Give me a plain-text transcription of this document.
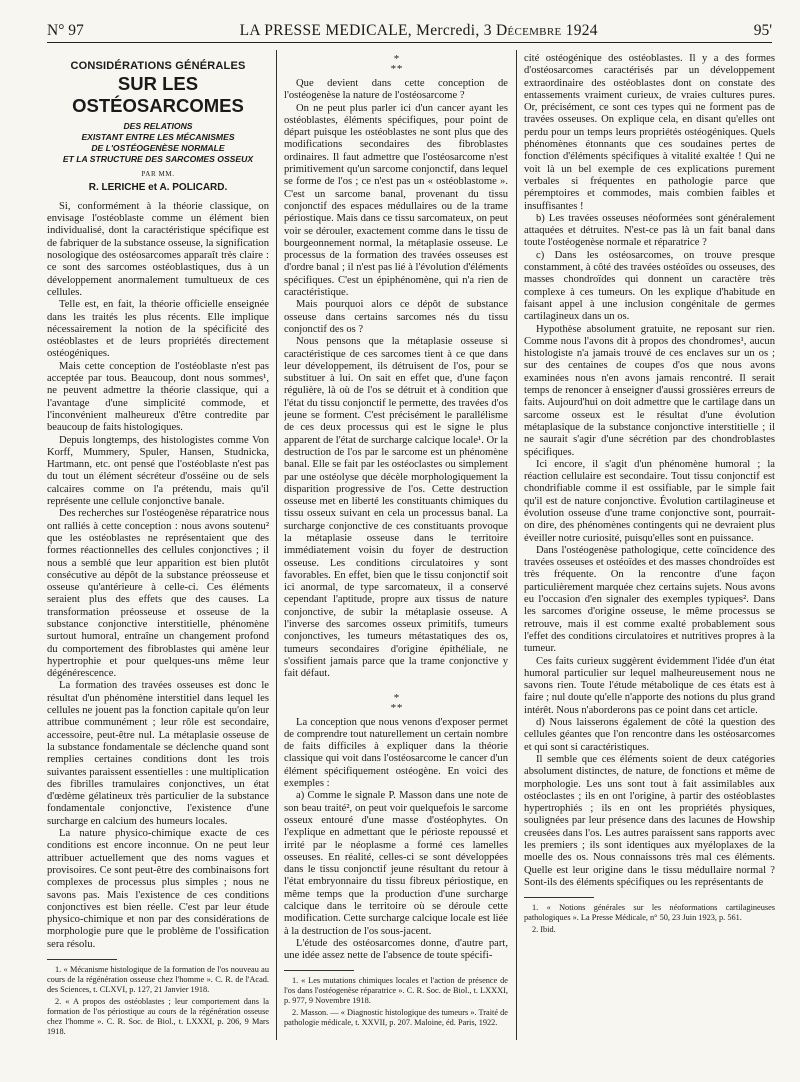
N° 97	LA PRESSE MEDICALE, Mercredi, 3 Décembre 1924	95'
CONSIDÉRATIONS GÉNÉRALES
SUR LES OSTÉOSARCOMES
DES RELATIONS
EXISTANT ENTRE LES MÉCANISMES
DE L'OSTÉOGENÈSE NORMALE
ET LA STRUCTURE DES SARCOMES OSSEUX
PAR MM.
R. LERICHE et A. POLICARD.

Si, conformément à la théorie classique, on envisage l'ostéoblaste comme un élément bien individualisé, dont la caractéristique spécifique est de fabriquer de la substance osseuse, la signification nosologique des ostéosarcomes apparaît très claire : ce sont des sarcomes ostéoblastiques, dus à un développement anormalement tumultueux de ces cellules.

Telle est, en fait, la théorie officielle enseignée dans les traités les plus récents. Elle implique nécessairement la notion de la spécificité des ostéoblastes et de leurs propriétés directement ostéogéniques.

Mais cette conception de l'ostéoblaste n'est pas acceptée par tous. Beaucoup, dont nous sommes¹, ne peuvent admettre la théorie classique, qui a l'avantage d'une simplicité commode, et l'inconvénient malheureux d'être contredite par beaucoup de faits histologiques.

Depuis longtemps, des histologistes comme Von Korff, Mummery, Spuler, Hansen, Studnicka, Hartmann, etc. ont pensé que l'ostéoblaste n'est pas du tout un élément sécréteur d'osséine ou de sels calcaires comme on l'a prétendu, mais qu'il représente une cellule conjonctive banale.

Des recherches sur l'ostéogenèse réparatrice nous ont ralliés à cette conception : nous avons soutenu² que les ostéoblastes ne représentaient que des formes réactionnelles des cellules conjonctives ; il nous a semblé que leur apparition est bien plutôt consécutive au dépôt de la substance préosseuse et osseuse qu'antérieure à celle-ci. Ces éléments seraient plus des effets que des causes. La transformation préosseuse et osseuse de la substance conjonctive interstitielle, phénomène surtout humoral, entraîne un changement profond du comportement des fibroblastes qui amène leur hypertrophie et pour quelques-uns même leur dégénérescence.

La formation des travées osseuses est donc le résultat d'un phénomène interstitiel dans lequel les cellules ne jouent pas la fonction capitale qu'on leur attribue communément ; leur rôle est secondaire, accessoire, peut-être nul. La métaplasie osseuse de la substance fondamentale se déclenche quand sont remplies certaines conditions dont les trois suivantes paraissent essentielles : une multiplication des fibrilles tramulaires conjonctives, un état d'œdème gélatineux très particulier de la substance fondamentale conjonctive, l'existence d'une surcharge en calcium des humeurs locales.

La nature physico-chimique exacte de ces conditions est encore inconnue. On ne peut leur attribuer actuellement que des noms vagues et provisoires. Ce sont peut-être des combinaisons fort complexes de processus plus simples ; nous ne savons pas. Mais l'existence de ces conditions conjonctives est bien réelle. C'est par leur étude physico-chimique et non par des considérations de morphologie pure que le problème de l'ossification sera résolu.

1. « Mécanisme histologique de la formation de l'os nouveau au cours de la régénération osseuse chez l'homme ». C. R. de l'Acad. des Sciences, t. CLXVI, p. 127, 21 Janvier 1918.

2. « A propos des ostéoblastes ; leur comportement dans la formation de l'os périostique au cours de la régénération osseuse chez l'homme ». C. R. Soc. de Biol., t. LXXXI, p. 206, 9 Mars 1918.

*
* *

Que devient dans cette conception de l'ostéogenèse la nature de l'ostéosarcome ?

On ne peut plus parler ici d'un cancer ayant les ostéoblastes, éléments spécifiques, pour point de départ puisque les ostéoblastes ne sont plus que des modifications secondaires des fibroblastes ordinaires. Il faut admettre que l'ostéosarcome n'est primitivement qu'un sarcome conjonctif, dans lequel se forme de l'os ; ce n'est pas un « ostéoblastome ». C'est un sarcome banal, provenant du tissu conjonctif des espaces médullaires ou de la trame périostique. Mais dans ce tissu sarcomateux, on peut voir se dérouler, exactement comme dans le tissu de bourgeonnement normal, la métaplasie osseuse. Le processus de la formation des travées osseuses est d'ordre banal ; il n'est pas lié à l'évolution d'éléments spécifiques. C'est un épiphénomène, qui n'a rien de caractéristique.

Mais pourquoi alors ce dépôt de substance osseuse dans certains sarcomes nés du tissu conjonctif des os ?

Nous pensons que la métaplasie osseuse si caractéristique de ces sarcomes tient à ce que dans leur développement, ils détruisent de l'os, pour se substituer à lui. On sait en effet que, d'une façon régulière, là où de l'os se détruit et à condition que l'état du tissu conjonctif le permette, des travées d'os jeune se forment. C'est précisément le parallélisme de ces deux processus qui est le signe le plus apparent de l'état de surcharge calcique locale¹. Or la destruction de l'os par le sarcome est un phénomène banal. Elle se fait par les ostéoclastes ou simplement par une ostéolyse que décèle morphologiquement la disparition progressive de l'os. Cette destruction osseuse met en liberté les constituants chimiques du tissu osseux suivant en cela un processus banal. La surcharge conjonctive de ces constituants provoque la métaplasie osseuse dans le territoire immédiatement voisin du foyer de destruction osseuse. Les conditions circulatoires y sont favorables. En effet, bien que le tissu conjonctif soit ici anormal, de type sarcomateux, il a conservé cependant l'aptitude, propre aux tissus de nature conjonctive, de subir la métaplasie osseuse. A l'inverse des sarcomes osseux primitifs, tumeurs conjonctives, les tumeurs métastatiques des os, tumeurs secondaires d'origine épithéliale, ne s'ossifient jamais parce que la trame conjonctive y fait défaut.

*
* *

La conception que nous venons d'exposer permet de comprendre tout naturellement un certain nombre de faits difficiles à expliquer dans la théorie classique qui voit dans l'ostéosarcome le cancer d'un élément spécifiquement ostéogène. En voici des exemples :

a) Comme le signale P. Masson dans une note de son beau traité², on peut voir quelquefois le sarcome osseux entouré d'une masse d'ostéophytes. On l'explique en admettant que le périoste repoussé et irrité par le néoplasme a formé ces lamelles osseuses. En réalité, celles-ci se sont développées dans le tissu conjonctif jeune résultant du retour à l'état embryonnaire du tissu fibreux périostique, en même temps que la production d'une surcharge calcique dans le territoire où se déroule cette modification. Cette surcharge calcique locale est liée à la destruction de l'os sous-jacent.

L'étude des ostéosarcomes donne, d'autre part, une idée assez nette de l'absence de toute spécifi-

1. « Les mutations chimiques locales et l'action de présence de l'os dans l'ostéogenèse réparatrice ». C. R. Soc. de Biol., t. LXXXI, p. 977, 9 Novembre 1918.

2. Masson. — « Diagnostic histologique des tumeurs ». Traité de pathologie médicale, t. XXVII, p. 207. Maloine, éd. Paris, 1922.

cité ostéogénique des ostéoblastes. Il y a des formes d'ostéosarcomes caractérisés par un développement extraordinaire des ostéoblastes dont on constate des entassements vraiment curieux, de vraies cultures pures. Or, précisément, ce sont ces types qui ne forment pas de travées osseuses. On explique cela, en disant qu'elles ont perdu pour un temps leurs propriétés ostéogéniques. Quels phénomènes étonnants que ces soudaines pertes de fonction d'éléments spécifiques à vitalité exaltée ! Qui ne voit là un bel exemple de ces explications purement verbales si fréquentes en pathologie parce que péremptoires et commodes, mais combien faibles et insuffisantes !

b) Les travées osseuses néoformées sont généralement attaquées et détruites. N'est-ce pas là un fait banal dans toute l'ostéogenèse normale et réparatrice ?

c) Dans les ostéosarcomes, on trouve presque constamment, à côté des travées ostéoïdes ou osseuses, des masses chondroïdes qui donnent un caractère très complexe à ces tumeurs. On les explique d'habitude en faisant appel à une inclusion congénitale de germes cartilagineux dans un os.

Hypothèse absolument gratuite, ne reposant sur rien. Comme nous l'avons dit à propos des chondromes¹, aucun histologiste n'a jamais trouvé de ces enclaves sur un os ; sur des centaines de coupes d'os que nous avons examinées nous n'en avons jamais rencontré. Il serait temps de renoncer à enseigner d'aussi grossières erreurs de faits. Aujourd'hui on doit admettre que le cartilage dans un sarcome osseux est le résultat d'une évolution métaplasique de la substance conjonctive interstitielle ; il ne saurait s'agir d'une sécrétion par des chondroblastes spécifiques.

Ici encore, il s'agit d'un phénomène humoral ; la réaction cellulaire est secondaire. Tout tissu conjonctif est chondrifiable comme il est ossifiable, par le simple fait qu'il est de nature conjonctive. Évolution cartilagineuse et évolution osseuse d'une trame conjonctive sont, pourrait-on dire, des phénomènes contingents qui ne devraient plus éveiller notre curiosité, puisqu'elles sont en puissance.

Dans l'ostéogenèse pathologique, cette coïncidence des travées osseuses et ostéoïdes et des masses chondroïdes est très fréquente. On la rencontre d'une façon particulièrement marquée chez certains sujets. Nous avons eu l'occasion d'en signaler des exemples typiques². Dans les sarcomes d'origine osseuse, le même processus se retrouve, mais il est comme exalté probablement sous l'effet des conditions circulatoires et nutritives propres à la tumeur.

Ces faits curieux suggèrent évidemment l'idée d'un état humoral particulier sur lequel malheureusement nous ne savons rien. Toute l'étude métabolique de ces états est à faire ; nul doute qu'elle n'apporte des notions du plus grand intérêt. Nous n'aborderons pas ce point dans cet article.

d) Nous laisserons également de côté la question des cellules géantes que l'on rencontre dans les ostéosarcomes et qui sont si caractéristiques.

Il semble que ces éléments soient de deux catégories absolument distinctes, de nature, de fonctions et même de morphologie. Les uns sont tout à fait assimilables aux ostéoclastes ; ils en ont l'origine, à partir des ostéoblastes hypertrophiés ; ils en ont les propriétés physiques, soulignées par leur présence dans des lacunes de Howship creusées dans l'os. Les autres paraissent sans rapports avec les premiers ; ils sont identiques aux myéloplaxes de la moelle des os. Nous connaissons très mal ces éléments. Quelle est leur origine dans le tissu médullaire normal ? Sont-ils des éléments spécifiques ou les représentants de

1. « Notions générales sur les néoformations cartilagineuses pathologiques ». La Presse Médicale, n° 50, 23 Juin 1923, p. 561.

2. Ibid.
